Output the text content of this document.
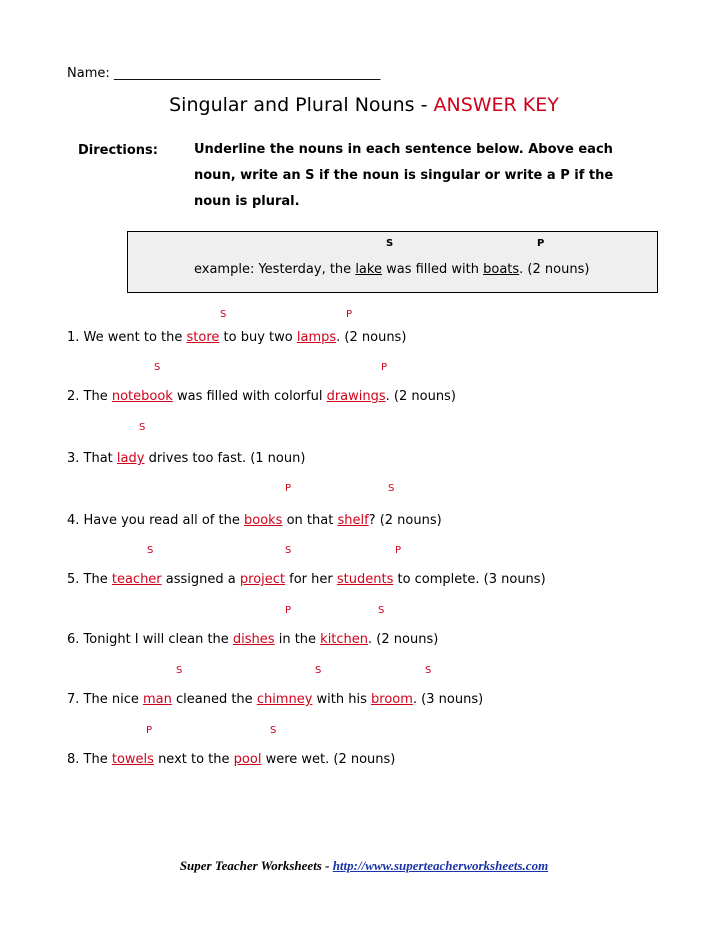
Name: _________________________________________
Singular and Plural Nouns - ANSWER KEY
Directions:	Underline the nouns in each sentence below. Above each noun, write an S if the noun is singular or write a P if the noun is plural.
S	P
example: Yesterday, the lake was filled with boats. (2 nouns)
S	P
1. We went to the store to buy two lamps. (2 nouns)
S	P
2. The notebook was filled with colorful drawings. (2 nouns)
S
3. That lady drives too fast. (1 noun)
P	S
4. Have you read all of the books on that shelf? (2 nouns)
S	S	P
5. The teacher assigned a project for her students to complete. (3 nouns)
P	S
6. Tonight I will clean the dishes in the kitchen. (2 nouns)
S	S	S
7. The nice man cleaned the chimney with his broom. (3 nouns)
P	S
8. The towels next to the pool were wet. (2 nouns)
Super Teacher Worksheets - http://www.superteacherworksheets.com
